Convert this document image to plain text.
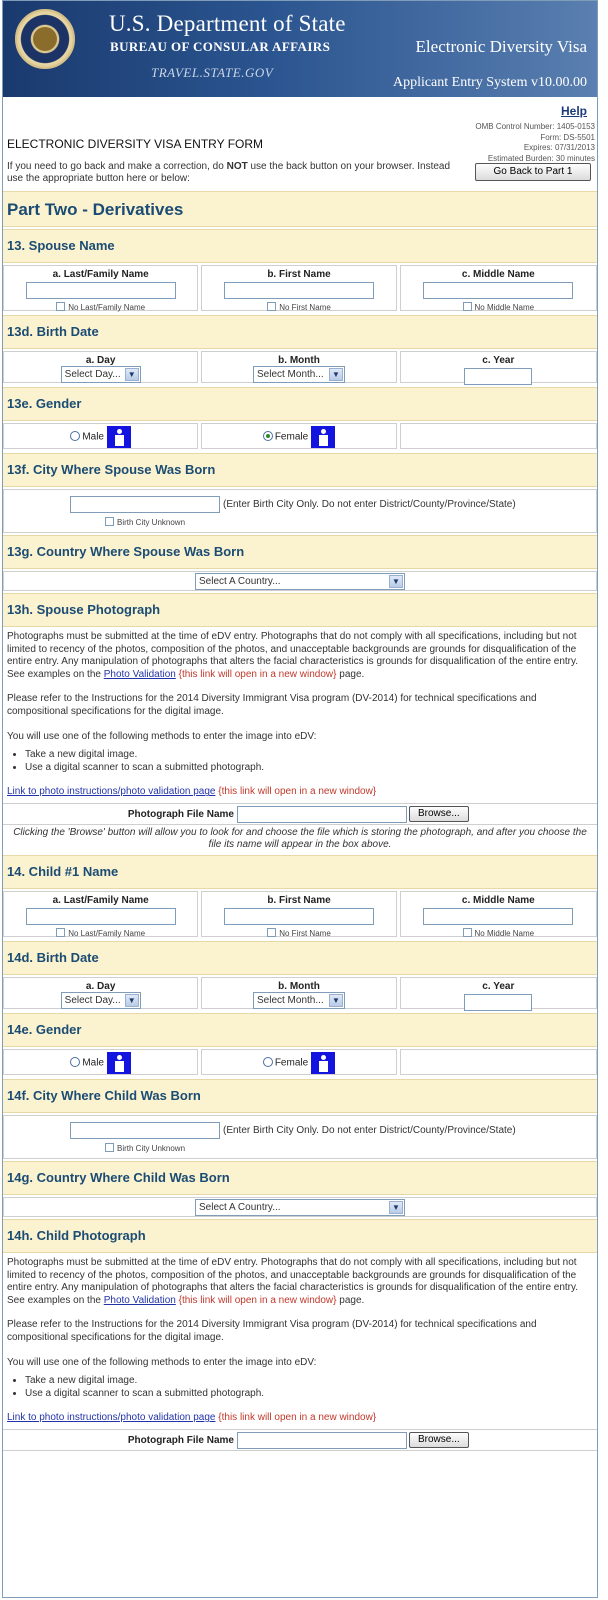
U.S. Department of State
BUREAU OF CONSULAR AFFAIRS
TRAVEL.STATE.GOV
Electronic Diversity Visa
Applicant Entry System v10.00.00
Help
ELECTRONIC DIVERSITY VISA ENTRY FORM
OMB Control Number: 1405-0153
Form: DS-5501
Expires: 07/31/2013
Estimated Burden: 30 minutes
If you need to go back and make a correction, do NOT use the back button on your browser. Instead use the appropriate button here or below:
Go Back to Part 1
Part Two - Derivatives
13. Spouse Name
a. Last/Family Name
No Last/Family Name
b. First Name
No First Name
c. Middle Name
No Middle Name
13d. Birth Date
a. Day
Select Day... ▼
b. Month
Select Month...	▼
c. Year
13e. Gender
Male	Female
13f. City Where Spouse Was Born
(Enter Birth City Only. Do not enter District/County/Province/State)
Birth City Unknown
13g. Country Where Spouse Was Born
Select A Country...	▼
13h. Spouse Photograph

Photographs must be submitted at the time of eDV entry. Photographs that do not comply with all specifications, including but not limited to recency of the photos, composition of the photos, and unacceptable backgrounds are grounds for disqualification of the entire entry. Any manipulation of photographs that alters the facial characteristics is grounds for disqualification of the entire entry. See examples on the Photo Validation {this link will open in a new window} page.

Please refer to the Instructions for the 2014 Diversity Immigrant Visa program (DV-2014) for technical specifications and compositional specifications for the digital image.

You will use one of the following methods to enter the image into eDV:

• Take a new digital image.
• Use a digital scanner to scan a submitted photograph.

Link to photo instructions/photo validation page {this link will open in a new window}

Photograph File Name	Browse...
Clicking the 'Browse' button will allow you to look for and choose the file which is storing the photograph, and after you choose the file its name will appear in the box above.
14. Child #1 Name
a. Last/Family Name
No Last/Family Name
b. First Name
No First Name
c. Middle Name
No Middle Name
14d. Birth Date
a. Day
Select Day... ▼
b. Month
Select Month...	▼
c. Year
14e. Gender
Male	Female
14f. City Where Child Was Born
(Enter Birth City Only. Do not enter District/County/Province/State)
Birth City Unknown
14g. Country Where Child Was Born
Select A Country...	▼
14h. Child Photograph

Photographs must be submitted at the time of eDV entry. Photographs that do not comply with all specifications, including but not limited to recency of the photos, composition of the photos, and unacceptable backgrounds are grounds for disqualification of the entire entry. Any manipulation of photographs that alters the facial characteristics is grounds for disqualification of the entire entry. See examples on the Photo Validation {this link will open in a new window} page.

Please refer to the Instructions for the 2014 Diversity Immigrant Visa program (DV-2014) for technical specifications and compositional specifications for the digital image.

You will use one of the following methods to enter the image into eDV:

• Take a new digital image.
• Use a digital scanner to scan a submitted photograph.

Link to photo instructions/photo validation page {this link will open in a new window}

Photograph File Name	Browse...
